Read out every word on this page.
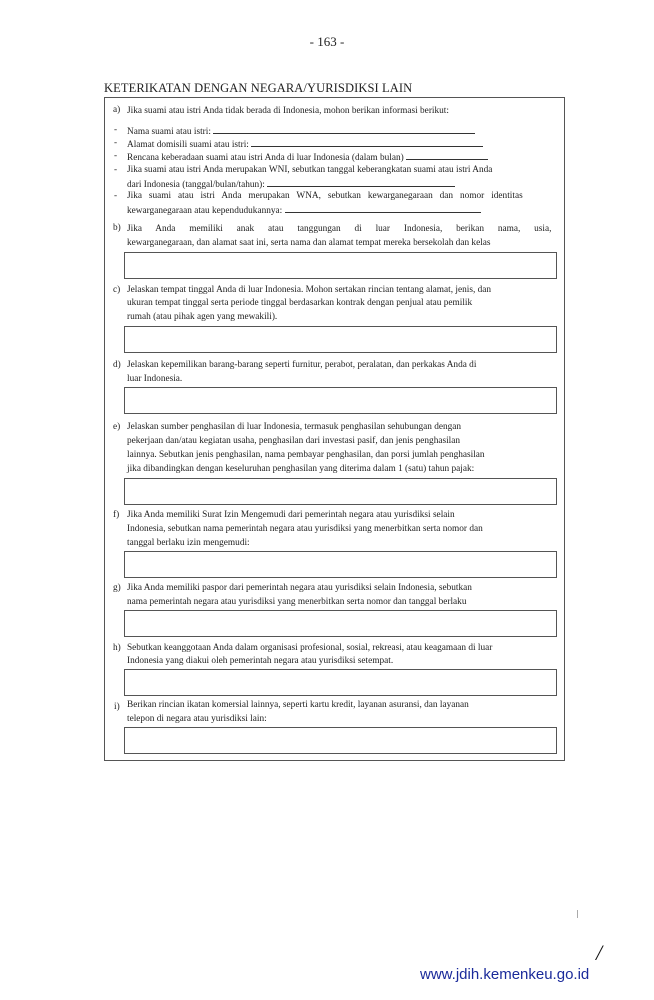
- 163 -
KETERIKATAN DENGAN NEGARA/YURISDIKSI LAIN
a) Jika suami atau istri Anda tidak berada di Indonesia, mohon berikan informasi berikut:
- Nama suami atau istri:
- Alamat domisili suami atau istri:
- Rencana keberadaan suami atau istri Anda di luar Indonesia (dalam bulan)
- Jika suami atau istri Anda merupakan WNI, sebutkan tanggal keberangkatan suami atau istri Anda
dari Indonesia (tanggal/bulan/tahun):
- Jika suami atau istri Anda merupakan WNA, sebutkan kewarganegaraan dan nomor identitas
kewarganegaraan atau kependudukannya:
b) Jika Anda memiliki anak atau tanggungan di luar Indonesia, berikan nama, usia,
kewarganegaraan, dan alamat saat ini, serta nama dan alamat tempat mereka bersekolah dan kelas
c) Jelaskan tempat tinggal Anda di luar Indonesia. Mohon sertakan rincian tentang alamat, jenis, dan
ukuran tempat tinggal serta periode tinggal berdasarkan kontrak dengan penjual atau pemilik
rumah (atau pihak agen yang mewakili).
d) Jelaskan kepemilikan barang-barang seperti furnitur, perabot, peralatan, dan perkakas Anda di
luar Indonesia.
e) Jelaskan sumber penghasilan di luar Indonesia, termasuk penghasilan sehubungan dengan
pekerjaan dan/atau kegiatan usaha, penghasilan dari investasi pasif, dan jenis penghasilan
lainnya. Sebutkan jenis penghasilan, nama pembayar penghasilan, dan porsi jumlah penghasilan
jika dibandingkan dengan keseluruhan penghasilan yang diterima dalam 1 (satu) tahun pajak:
f) Jika Anda memiliki Surat Izin Mengemudi dari pemerintah negara atau yurisdiksi selain
Indonesia, sebutkan nama pemerintah negara atau yurisdiksi yang menerbitkan serta nomor dan
tanggal berlaku izin mengemudi:
g) Jika Anda memiliki paspor dari pemerintah negara atau yurisdiksi selain Indonesia, sebutkan
nama pemerintah negara atau yurisdiksi yang menerbitkan serta nomor dan tanggal berlaku
h) Sebutkan keanggotaan Anda dalam organisasi profesional, sosial, rekreasi, atau keagamaan di luar
Indonesia yang diakui oleh pemerintah negara atau yurisdiksi setempat.
i) Berikan rincian ikatan komersial lainnya, seperti kartu kredit, layanan asuransi, dan layanan
telepon di negara atau yurisdiksi lain:
/
www.jdih.kemenkeu.go.id
